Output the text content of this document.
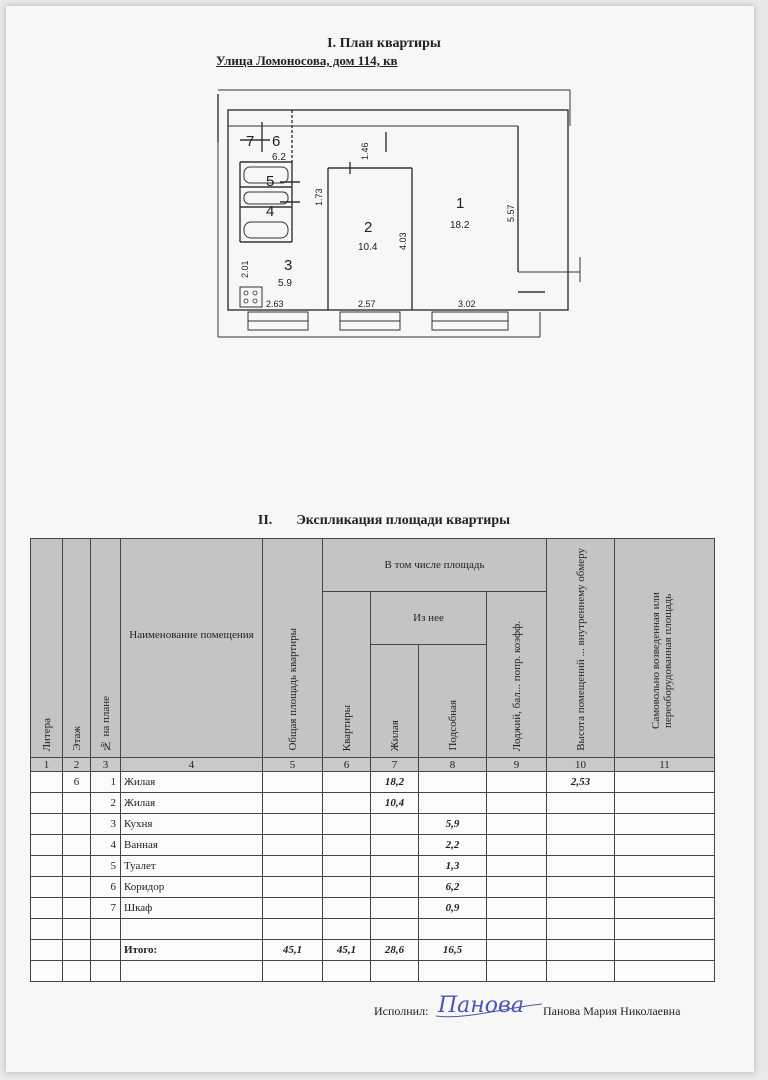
I. План квартиры
Улица Ломоносова, дом 114, кв
1
18.2
2
10.4
3
5.9
4
5
6
6.2
7
5.57
4.03
1.46
1.73
2.01
2.63	2.57	3.02
II. Экспликация площади квартиры
Литера	Этаж	№ на плане	Наименование помещения	Общая площадь квартиры	В том числе площадь				Высота помещений ... внутреннему обмеру	Самовольно возведенная или переоборудованная площадь

					Квартиры	Из нее		Лоджий, бал... попр. коэфф.		

						Жилая	Подсобная			

1	2	3	4	5	6	7	8	9	10	11
	6	1	Жилая			18,2			2,53	
		2	Жилая			10,4				
		3	Кухня				5,9			
		4	Ванная				2,2			
		5	Туалет				1,3			
		6	Коридор				6,2			
		7	Шкаф				0,9			

			Итого:	45,1	45,1	28,6	16,5			

Исполнил: Панова Панова Мария Николаевна
